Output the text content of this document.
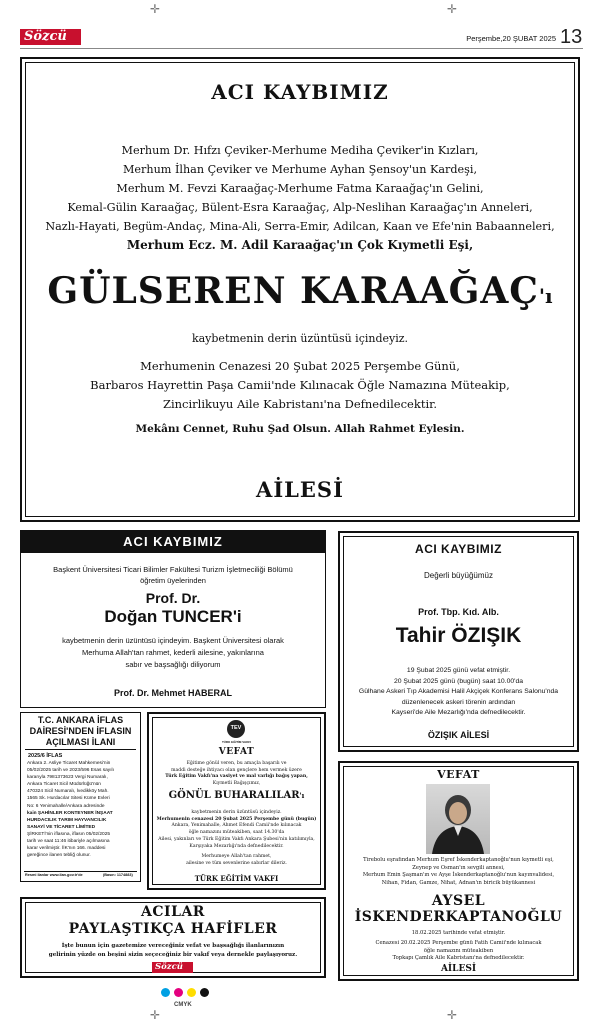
✛	✛
✛	✛
Sözcü	Perşembe,20 ŞUBAT 2025 13
ACI KAYBIMIZ

Merhum Dr. Hıfzı Çeviker-Merhume Mediha Çeviker'in Kızları,

Merhum İlhan Çeviker ve Merhume Ayhan Şensoy'un Kardeşi,

Merhum M. Fevzi Karaağaç-Merhume Fatma Karaağaç'ın Gelini,

Kemal-Gülin Karaağaç, Bülent-Esra Karaağaç, Alp-Neslihan Karaağaç'ın Anneleri,

Nazlı-Hayati, Begüm-Andaç, Mina-Ali, Serra-Emir, Adilcan, Kaan ve Efe'nin Babaanneleri,

Merhum Ecz. M. Adil Karaağaç'ın Çok Kıymetli Eşi,
GÜLSEREN KARAAĞAÇ'ı
kaybetmenin derin üzüntüsü içindeyiz.

Merhumenin Cenazesi 20 Şubat 2025 Perşembe Günü,

Barbaros Hayrettin Paşa Camii'nde Kılınacak Öğle Namazına Müteakip,

Zincirlikuyu Aile Kabristanı'na Defnedilecektir.

Mekânı Cennet, Ruhu Şad Olsun. Allah Rahmet Eylesin.
AİLESİ
ACI KAYBIMIZ

Başkent Üniversitesi Ticari Bilimler Fakültesi Turizm İşletmeciliği Bölümü

öğretim üyelerinden

Prof. Dr.
Doğan TUNCER'i

kaybetmenin derin üzüntüsü içindeyim. Başkent Üniversitesi olarak

Merhuma Allah'tan rahmet, kederli ailesine, yakınlarına

sabır ve başsağlığı diliyorum

Prof. Dr. Mehmet HABERAL
ACI KAYBIMIZ
Değerli büyüğümüz
Prof. Tbp. Kıd. Alb.
Tahir ÖZIŞIK

19 Şubat 2025 günü vefat etmiştir.

20 Şubat 2025 günü (bugün) saat 10.00'da

Gülhane Askeri Tıp Akademisi Halil Akçiçek Konferans Salonu'nda

düzenlenecek askeri törenin ardından

Kayseri'de Aile Mezarlığı'nda defnedilecektir.

ÖZIŞIK AİLESİ

T.C. ANKARA İFLAS

DAİRESİ'NDEN İFLASIN

AÇILMASI İLANI

2025/6 İFLAS

Ankara 2. Asliye Ticaret Mahkemesi'nin

05/02/2025 tarih ve 2023/596 Esas sayılı

kararıyla 7981373623 Vergi Numaralı,

Ankara Ticaret Sicil Müdürlüğü'nün

470324 Sicil Numaralı, İvedikköy Mah.

1565 Sk. Hurdacılar Sitesi Küme Evleri

No: 6 Yenimahalle/Ankara adresinde

kain ŞAHİNLER KONTEYNER İNŞAAT

HURDACILIK TARIM HAYVANCILIK

SANAYİ VE TİCARET LİMİTED

ŞİRKETİ'nin iflasına, iflasın 05/02/2025

tarih ve saat 11:46 itibariyle açılmasına

karar verilmiştir. İİK'nın 166. maddesi

gereğince ilanen tebliğ olunur.

Resmi ilanlar www.ilan.gov.tr'de	(Basın: 1174883)
TEV
TÜRK EĞİTİM VAKFI
VEFAT

Eğitime gönül veren, bu amaçla başarılı ve

maddi desteğe ihtiyacı olan gençlere hem vermek üzere

Türk Eğitim Vakfı'na vasiyet ve mal varlığı bağış yapan,

Kıymetli Bağışçımız,

GÖNÜL BUHARALILAR'ı

kaybetmenin derin üzüntüsü içindeyiz.

Merhumenin cenazesi 20 Şubat 2025 Perşembe günü (bugün)

Ankara, Yenimahalle, Ahmet Efendi Camii'nde kılınacak

öğle namazını müteakiben, saat 14.30'da

Ailesi, yakınları ve Türk Eğitim Vakfı Ankara Şubesi'nin katılımıyla,

Karşıyaka Mezarlığı'nda defnedilecektir.

Merhumeye Allah'tan rahmet,

ailesine ve tüm sevenlerine sabırlar dileriz.

TÜRK EĞİTİM VAKFI
VEFAT

Tirebolu eşrafından Merhum Eşref İskenderkaptanoğlu'nun kıymetli eşi,

Zeynep ve Osman'ın sevgili annesi,

Merhum Emin Şaşman'ın ve Ayşe İskenderkaptanoğlu'nun kayınvalidesi,

Nihan, Fidan, Gamze, Nihat, Adnan'ın biricik büyükannesi

AYSEL

İSKENDERKAPTANOĞLU

18.02.2025 tarihinde vefat etmiştir.

Cenazesi 20.02.2025 Perşembe günü Fatih Camii'nde kılınacak

öğle namazını müteakiben

Topkapı Çamlık Aile Kabristanı'na defnedilecektir.

AİLESİ

ACILAR

PAYLAŞTIKÇA HAFİFLER

İşte bunun için gazetemize vereceğiniz vefat ve başsağlığı ilanlarınızın

gelirinin yüzde on beşini sizin seçeceğiniz bir vakıf veya dernekle paylaşıyoruz.

Sözcü
CMYK
